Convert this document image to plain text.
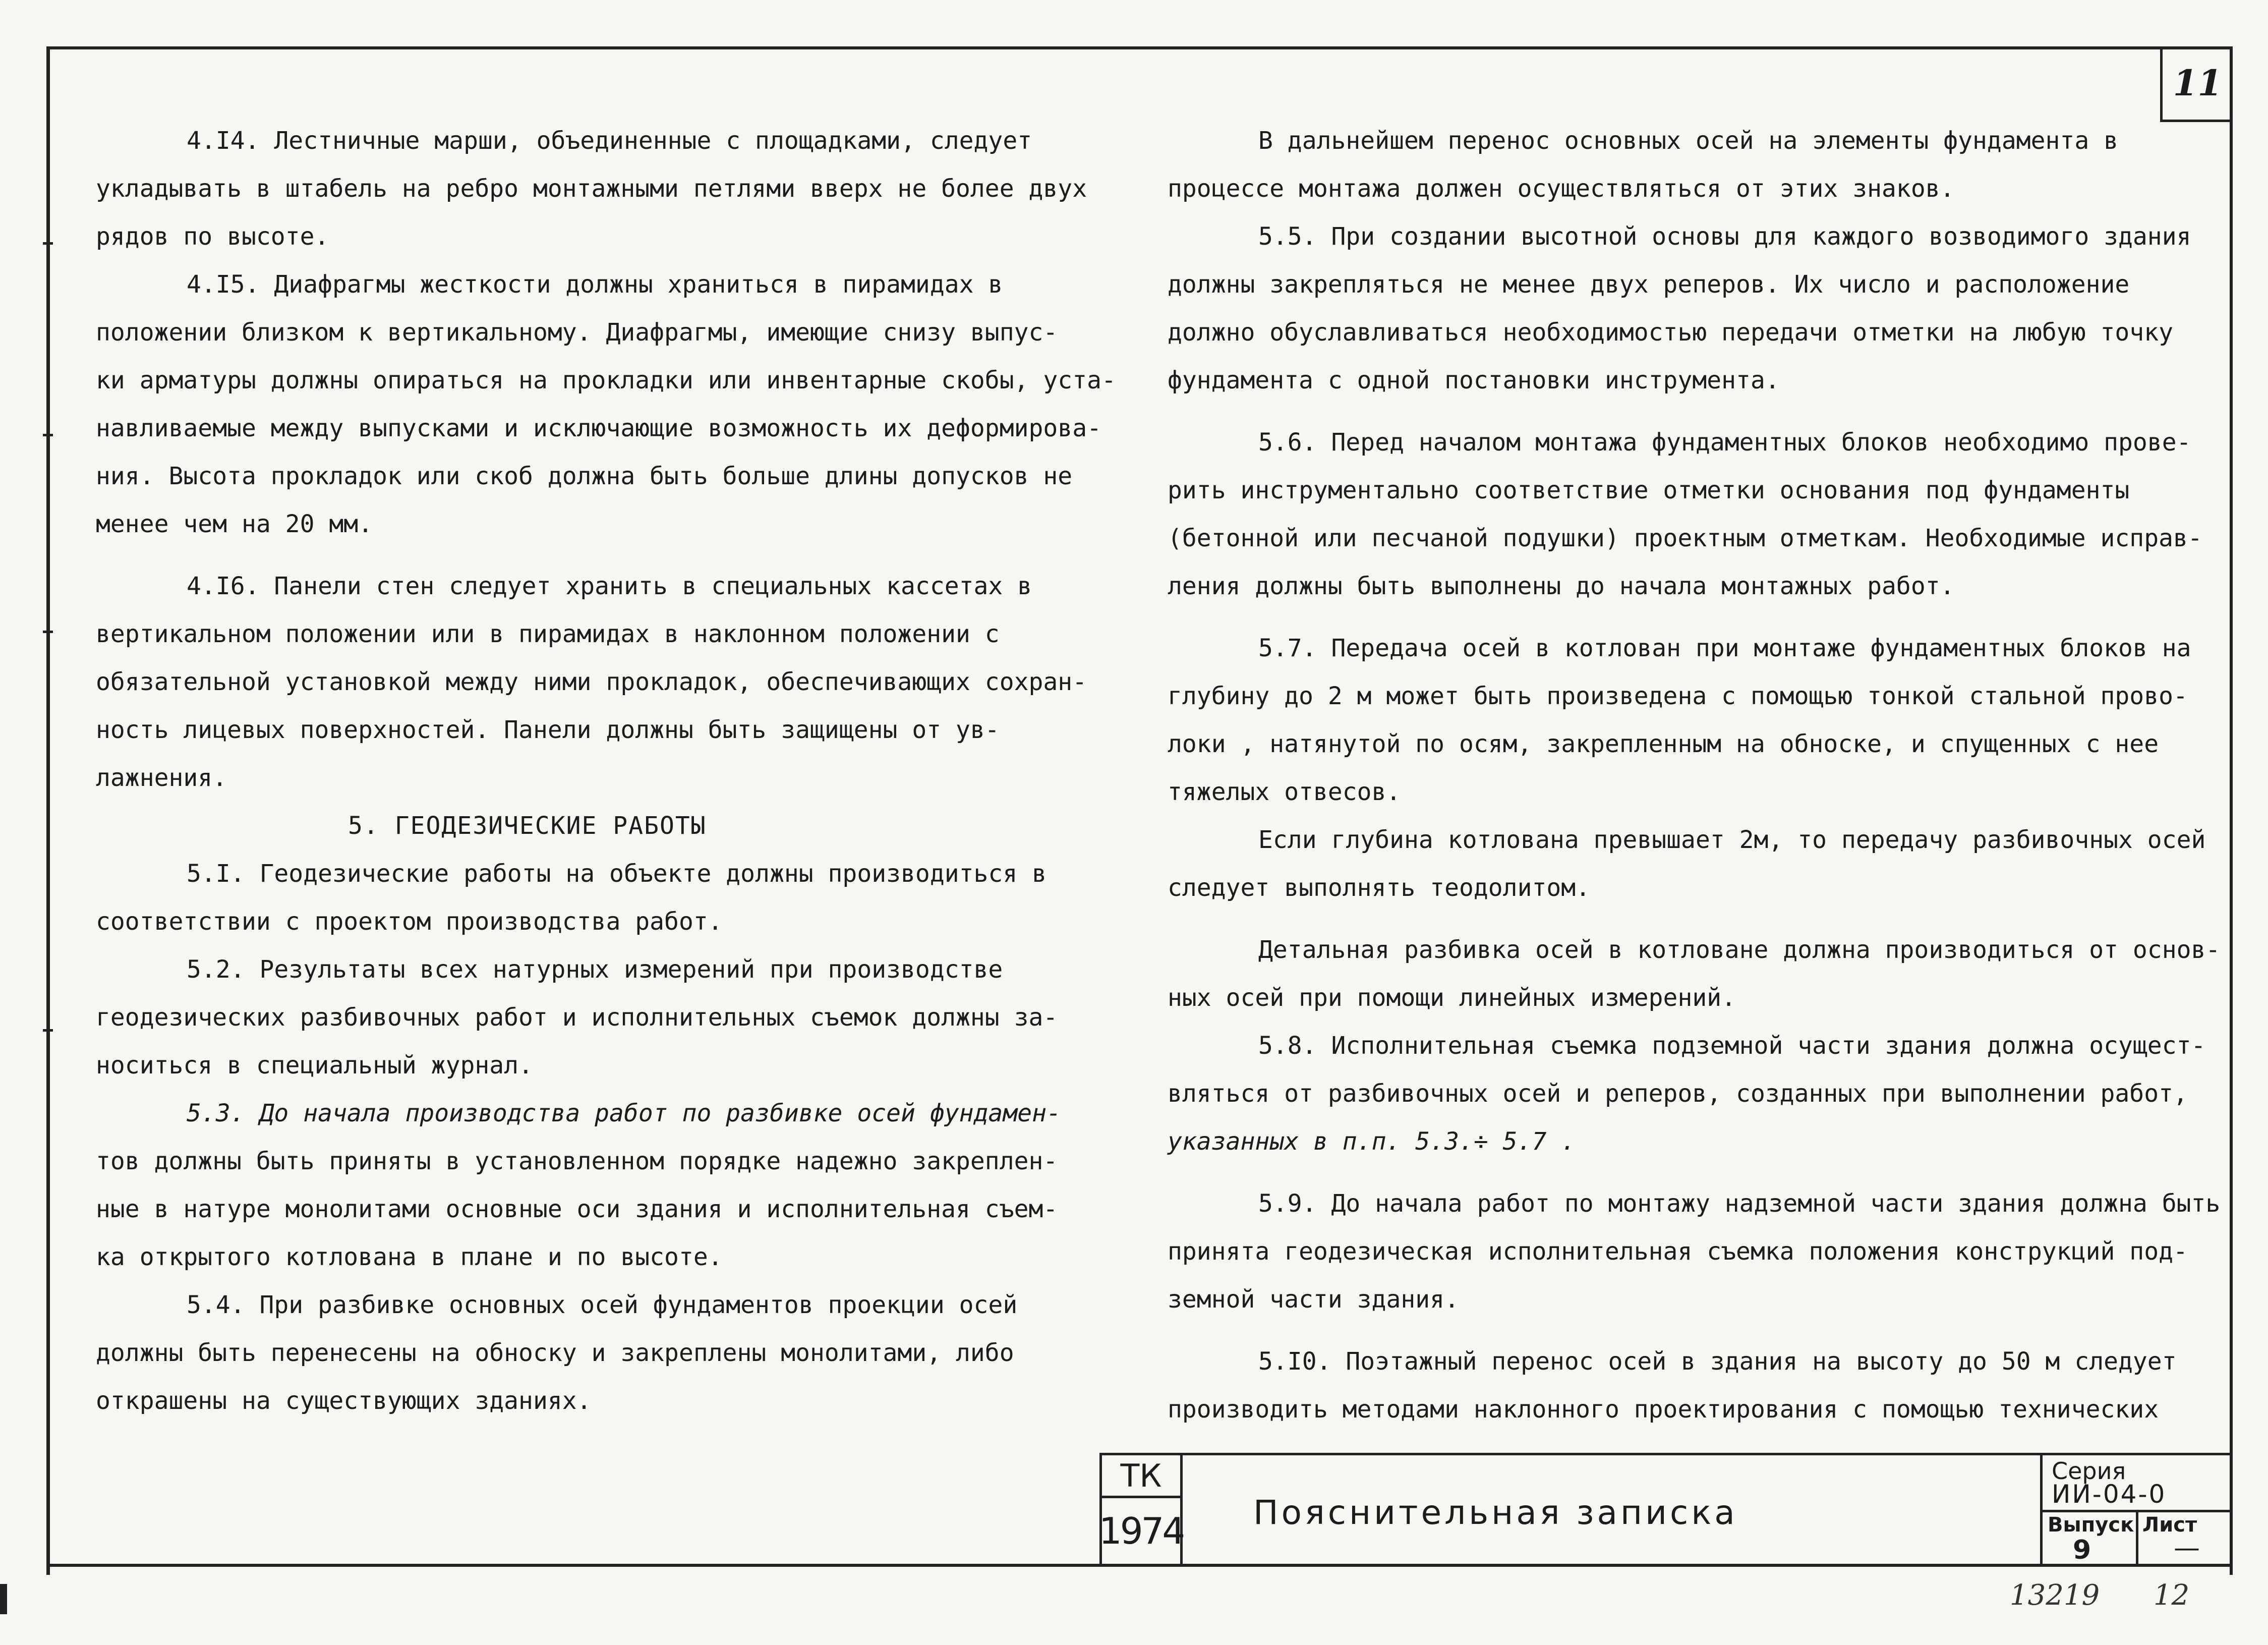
11

4.I4. Лестничные марши, объединенные с площадками, следует

укладывать в штабель на ребро монтажными петлями вверх не более двух

рядов по высоте.

4.I5. Диафрагмы жесткости должны храниться в пирамидах в

положении близком к вертикальному. Диафрагмы, имеющие снизу выпус-

ки арматуры должны опираться на прокладки или инвентарные скобы, уста-

навливаемые между выпусками и исключающие возможность их деформирова-

ния. Высота прокладок или скоб должна быть больше длины допусков не

менее чем на 20 мм.

4.I6. Панели стен следует хранить в специальных кассетах в

вертикальном положении или в пирамидах в наклонном положении с

обязательной установкой между ними прокладок, обеспечивающих сохран-

ность лицевых поверхностей. Панели должны быть защищены от ув-

лажнения.

5. ГЕОДЕЗИЧЕСКИЕ РАБОТЫ

5.I. Геодезические работы на объекте должны производиться в

соответствии с проектом производства работ.

5.2. Результаты всех натурных измерений при производстве

геодезических разбивочных работ и исполнительных съемок должны за-

носиться в специальный журнал.

5.3. До начала производства работ по разбивке осей фундамен-

тов должны быть приняты в установленном порядке надежно закреплен-

ные в натуре монолитами основные оси здания и исполнительная съем-

ка открытого котлована в плане и по высоте.

5.4. При разбивке основных осей фундаментов проекции осей

должны быть перенесены на обноску и закреплены монолитами, либо

открашены на существующих зданиях.

В дальнейшем перенос основных осей на элементы фундамента в

процессе монтажа должен осуществляться от этих знаков.

5.5. При создании высотной основы для каждого возводимого здания

должны закрепляться не менее двух реперов. Их число и расположение

должно обуславливаться необходимостью передачи отметки на любую точку

фундамента с одной постановки инструмента.

5.6. Перед началом монтажа фундаментных блоков необходимо прове-

рить инструментально соответствие отметки основания под фундаменты

(бетонной или песчаной подушки) проектным отметкам. Необходимые исправ-

ления должны быть выполнены до начала монтажных работ.

5.7. Передача осей в котлован при монтаже фундаментных блоков на

глубину до 2 м может быть произведена с помощью тонкой стальной прово-

локи , натянутой по осям, закрепленным на обноске, и спущенных с нее

тяжелых отвесов.

Если глубина котлована превышает 2м, то передачу разбивочных осей

следует выполнять теодолитом.

Детальная разбивка осей в котловане должна производиться от основ-

ных осей при помощи линейных измерений.

5.8. Исполнительная съемка подземной части здания должна осущест-

вляться от разбивочных осей и реперов, созданных при выполнении работ,

указанных в п.п. 5.3.÷ 5.7 .

5.9. До начала работ по монтажу надземной части здания должна быть

принята геодезическая исполнительная съемка положения конструкций под-

земной части здания.

5.I0. Поэтажный перенос осей в здания на высоту до 50 м следует

производить методами наклонного проектирования с помощью технических

ТК
1974 Пояснительная записка
Серия
ИИ-04-0
Выпуск Лист
9	—
13219 12
